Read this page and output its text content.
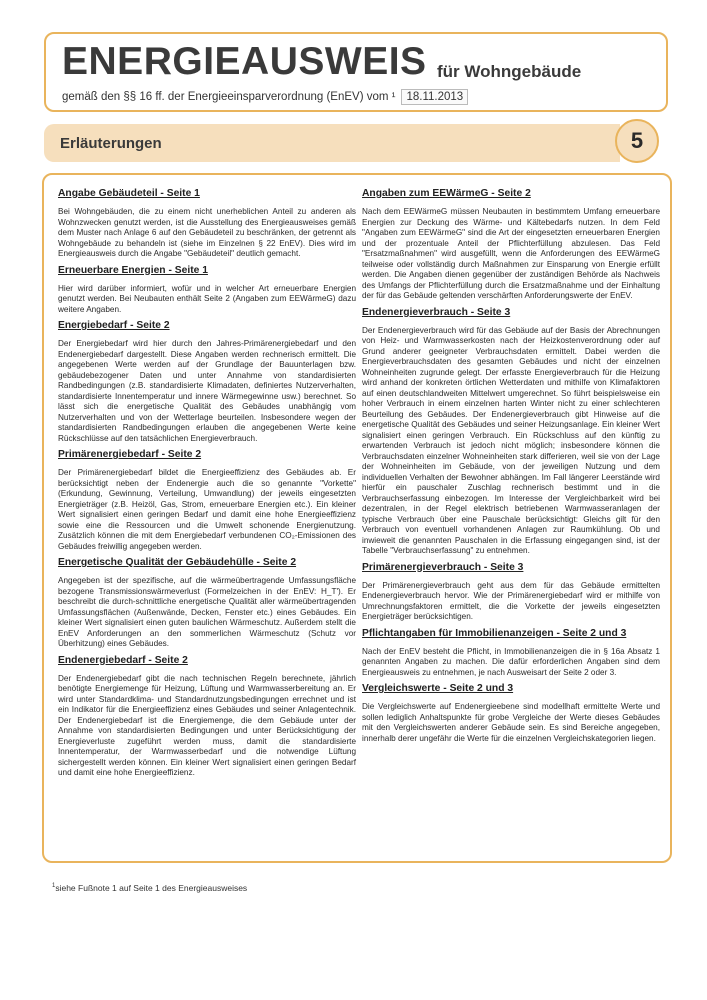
ENERGIEAUSWEIS für Wohngebäude
gemäß den §§ 16 ff. der Energieeinsparverordnung (EnEV) vom ¹ 18.11.2013
Erläuterungen	5
Angabe Gebäudeteil - Seite 1

Bei Wohngebäuden, die zu einem nicht unerheblichen Anteil zu anderen als Wohnzwecken genutzt werden, ist die Ausstellung des Energieausweises gemäß dem Muster nach Anlage 6 auf den Gebäudeteil zu beschränken, der getrennt als Wohngebäude zu behandeln ist (siehe im Einzelnen § 22 EnEV). Dies wird im Energieausweis durch die Angabe "Gebäudeteil" deutlich gemacht.

Erneuerbare Energien - Seite 1

Hier wird darüber informiert, wofür und in welcher Art erneuerbare Energien genutzt werden. Bei Neubauten enthält Seite 2 (Angaben zum EEWärmeG) dazu weitere Angaben.

Energiebedarf - Seite 2

Der Energiebedarf wird hier durch den Jahres-Primärenergiebedarf und den Endenergiebedarf dargestellt. Diese Angaben werden rechnerisch ermittelt. Die angegebenen Werte werden auf der Grundlage der Bauunterlagen bzw. gebäudebezogener Daten und unter Annahme von standardisierten Randbedingungen (z.B. standardisierte Klimadaten, definiertes Nutzerverhalten, standardisierte Innentemperatur und innere Wärmegewinne usw.) berechnet. So lässt sich die energetische Qualität des Gebäudes unabhängig vom Nutzerverhalten und von der Wetterlage beurteilen. Insbesondere wegen der standardisierten Randbedingungen erlauben die angegebenen Werte keine Rückschlüsse auf den tatsächlichen Energieverbrauch.

Primärenergiebedarf - Seite 2

Der Primärenergiebedarf bildet die Energieeffizienz des Gebäudes ab. Er berücksichtigt neben der Endenergie auch die so genannte "Vorkette" (Erkundung, Gewinnung, Verteilung, Umwandlung) der jeweils eingesetzten Energieträger (z.B. Heizöl, Gas, Strom, erneuerbare Energien etc.). Ein kleiner Wert signalisiert einen geringen Bedarf und damit eine hohe Energieeffizienz sowie eine die Ressourcen und die Umwelt schonende Energienutzung. Zusätzlich können die mit dem Energiebedarf verbundenen CO₂-Emissionen des Gebäudes freiwillig angegeben werden.

Energetische Qualität der Gebäudehülle - Seite 2

Angegeben ist der spezifische, auf die wärmeübertragende Umfassungsfläche bezogene Transmissionswärmeverlust (Formelzeichen in der EnEV: H_T'). Er beschreibt die durch-schnittliche energetische Qualität aller wärmeübertragenden Umfassungsflächen (Außenwände, Decken, Fenster etc.) eines Gebäudes. Ein kleiner Wert signalisiert einen guten baulichen Wärmeschutz. Außerdem stellt die EnEV Anforderungen an den sommerlichen Wärmeschutz (Schutz vor Überhitzung) eines Gebäudes.

Endenergiebedarf - Seite 2

Der Endenergiebedarf gibt die nach technischen Regeln berechnete, jährlich benötigte Energiemenge für Heizung, Lüftung und Warmwasserbereitung an. Er wird unter Standardklima- und Standardnutzungsbedingungen errechnet und ist ein Indikator für die Energieeffizienz eines Gebäudes und seiner Anlagentechnik. Der Endenergiebedarf ist die Energiemenge, die dem Gebäude unter der Annahme von standardisierten Bedingungen und unter Berücksichtigung der Energieverluste zugeführt werden muss, damit die standardisierte Innentemperatur, der Warmwasserbedarf und die notwendige Lüftung sichergestellt werden können. Ein kleiner Wert signalisiert einen geringen Bedarf und damit eine hohe Energieeffizienz.

Angaben zum EEWärmeG - Seite 2

Nach dem EEWärmeG müssen Neubauten in bestimmtem Umfang erneuerbare Energien zur Deckung des Wärme- und Kältebedarfs nutzen. In dem Feld "Angaben zum EEWärmeG" sind die Art der eingesetzten erneuerbaren Energien und der prozentuale Anteil der Pflichterfüllung abzulesen. Das Feld "Ersatzmaßnahmen" wird ausgefüllt, wenn die Anforderungen des EEWärmeG teilweise oder vollständig durch Maßnahmen zur Einsparung von Energie erfüllt werden. Die Angaben dienen gegenüber der zuständigen Behörde als Nachweis des Umfangs der Pflichterfüllung durch die Ersatzmaßnahme und der Einhaltung der für das Gebäude geltenden verschärften Anforderungswerte der EnEV.

Endenergieverbrauch - Seite 3

Der Endenergieverbrauch wird für das Gebäude auf der Basis der Abrechnungen von Heiz- und Warmwasserkosten nach der Heizkostenverordnung oder auf Grund anderer geeigneter Verbrauchsdaten ermittelt. Dabei werden die Energieverbrauchsdaten des gesamten Gebäudes und nicht der einzelnen Wohneinheiten zugrunde gelegt. Der erfasste Energieverbrauch für die Heizung wird anhand der konkreten örtlichen Wetterdaten und mithilfe von Klimafaktoren auf einen deutschlandweiten Mittelwert umgerechnet. So führt beispielsweise ein hoher Verbrauch in einem einzelnen harten Winter nicht zu einer schlechteren Beurteilung des Gebäudes. Der Endenergieverbrauch gibt Hinweise auf die energetische Qualität des Gebäudes und seiner Heizungsanlage. Ein kleiner Wert signalisiert einen geringen Verbrauch. Ein Rückschluss auf den künftig zu erwartenden Verbrauch ist jedoch nicht möglich; insbesondere können die Verbrauchsdaten einzelner Wohneinheiten stark differieren, weil sie von der Lage der Wohneinheiten im Gebäude, von der jeweiligen Nutzung und dem individuellen Verhalten der Bewohner abhängen. Im Fall längerer Leerstände wird hierfür ein pauschaler Zuschlag rechnerisch bestimmt und in die Verbrauchserfassung einbezogen. Im Interesse der Vergleichbarkeit wird bei dezentralen, in der Regel elektrisch betriebenen Warmwasseranlagen der typische Verbrauch über eine Pauschale berücksichtigt: Gleichs gilt für den Verbrauch von eventuell vorhandenen Anlagen zur Raumkühlung. Ob und inwieweit die genannten Pauschalen in die Erfassung eingegangen sind, ist der Tabelle "Verbrauchserfassung" zu entnehmen.

Primärenergieverbrauch - Seite 3

Der Primärenergieverbrauch geht aus dem für das Gebäude ermittelten Endenergieverbrauch hervor. Wie der Primärenergiebedarf wird er mithilfe von Umrechnungsfaktoren ermittelt, die die Vorkette der jeweils eingesetzten Energieträger berücksichtigen.

Pflichtangaben für Immobilienanzeigen - Seite 2 und 3

Nach der EnEV besteht die Pflicht, in Immobilienanzeigen die in § 16a Absatz 1 genannten Angaben zu machen. Die dafür erforderlichen Angaben sind dem Energieausweis zu entnehmen, je nach Ausweisart der Seite 2 oder 3.

Vergleichswerte - Seite 2 und 3

Die Vergleichswerte auf Endenergieebene sind modellhaft ermittelte Werte und sollen lediglich Anhaltspunkte für grobe Vergleiche der Werte dieses Gebäudes mit den Vergleichswerten anderer Gebäude sein. Es sind Bereiche angegeben, innerhalb derer ungefähr die Werte für die einzelnen Vergleichskategorien liegen.

$^1$siehe Fußnote 1 auf Seite 1 des Energieausweises
